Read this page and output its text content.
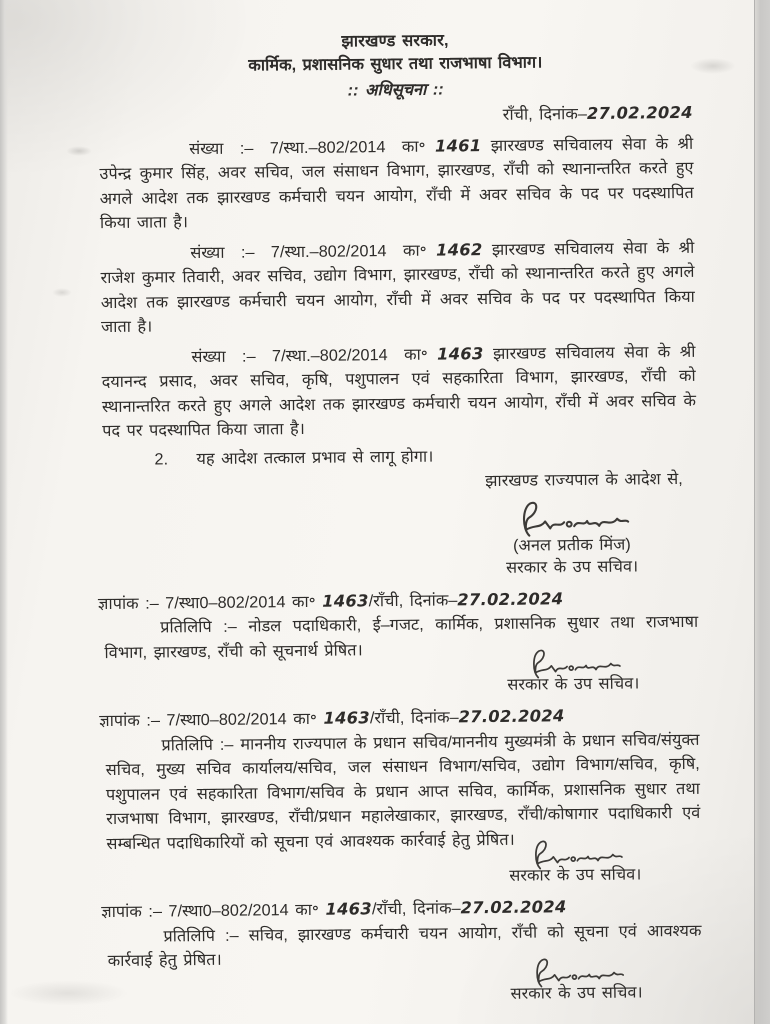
झारखण्ड सरकार,
कार्मिक, प्रशासनिक सुधार तथा राजभाषा विभाग।
:: अधिसूचना ::
राँची, दिनांक–27.02.2024

संख्या :– 7/स्था.–802/2014 का॰ 1461 झारखण्ड सचिवालय सेवा के श्री उपेन्द्र कुमार सिंह, अवर सचिव, जल संसाधन विभाग, झारखण्ड, राँची को स्थानान्तरित करते हुए अगले आदेश तक झारखण्ड कर्मचारी चयन आयोग, राँची में अवर सचिव के पद पर पदस्थापित किया जाता है।

संख्या :– 7/स्था.–802/2014 का॰ 1462 झारखण्ड सचिवालय सेवा के श्री राजेश कुमार तिवारी, अवर सचिव, उद्योग विभाग, झारखण्ड, राँची को स्थानान्तरित करते हुए अगले आदेश तक झारखण्ड कर्मचारी चयन आयोग, राँची में अवर सचिव के पद पर पदस्थापित किया जाता है।

संख्या :– 7/स्था.–802/2014 का॰ 1463 झारखण्ड सचिवालय सेवा के श्री दयानन्द प्रसाद, अवर सचिव, कृषि, पशुपालन एवं सहकारिता विभाग, झारखण्ड, राँची को स्थानान्तरित करते हुए अगले आदेश तक झारखण्ड कर्मचारी चयन आयोग, राँची में अवर सचिव के पद पर पदस्थापित किया जाता है।

2. यह आदेश तत्काल प्रभाव से लागू होगा।
झारखण्ड राज्यपाल के आदेश से,
(अनल प्रतीक मिंज)
सरकार के उप सचिव।
ज्ञापांक :– 7/स्था0–802/2014 का॰ 1463/राँची, दिनांक–27.02.2024

प्रतिलिपि :– नोडल पदाधिकारी, ई–गजट, कार्मिक, प्रशासनिक सुधार तथा राजभाषा विभाग, झारखण्ड, राँची को सूचनार्थ प्रेषित।

सरकार के उप सचिव।
ज्ञापांक :– 7/स्था0–802/2014 का॰ 1463/राँची, दिनांक–27.02.2024

प्रतिलिपि :– माननीय राज्यपाल के प्रधान सचिव/माननीय मुख्यमंत्री के प्रधान सचिव/संयुक्त सचिव, मुख्य सचिव कार्यालय/सचिव, जल संसाधन विभाग/सचिव, उद्योग विभाग/सचिव, कृषि, पशुपालन एवं सहकारिता विभाग/सचिव के प्रधान आप्त सचिव, कार्मिक, प्रशासनिक सुधार तथा राजभाषा विभाग, झारखण्ड, राँची/प्रधान महालेखाकार, झारखण्ड, राँची/कोषागार पदाधिकारी एवं सम्बन्धित पदाधिकारियों को सूचना एवं आवश्यक कार्रवाई हेतु प्रेषित।

सरकार के उप सचिव।
ज्ञापांक :– 7/स्था0–802/2014 का॰ 1463/राँची, दिनांक–27.02.2024

प्रतिलिपि :– सचिव, झारखण्ड कर्मचारी चयन आयोग, राँची को सूचना एवं आवश्यक कार्रवाई हेतु प्रेषित।

सरकार के उप सचिव।
